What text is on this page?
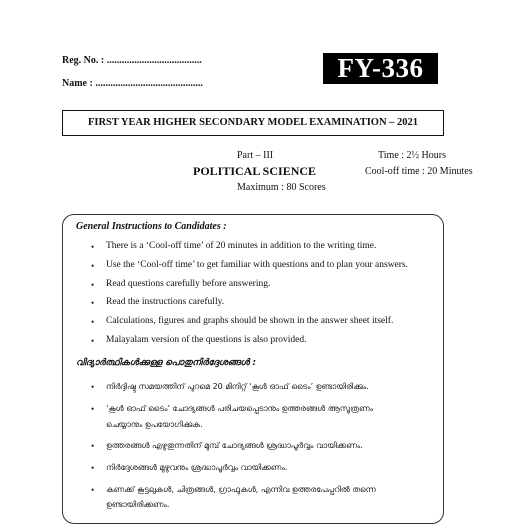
Reg. No. : ......................................
Name : ...........................................
FY-336
FIRST YEAR HIGHER SECONDARY MODEL EXAMINATION – 2021
Part – III	Time : 2½ Hours
POLITICAL SCIENCE	Cool-off time : 20 Minutes
Maximum : 80 Scores
General Instructions to Candidates :
• There is a ‘Cool-off time’ of 20 minutes in addition to the writing time.
• Use the ‘Cool-off time’ to get familiar with questions and to plan your answers.
• Read questions carefully before answering.
• Read the instructions carefully.
• Calculations, figures and graphs should be shown in the answer sheet itself.
• Malayalam version of the questions is also provided.
വിദ്യാർത്ഥികൾക്കുള്ള പൊതുനിർദ്ദേശങ്ങൾ :
• നിർദ്ദിഷ്ട സമയത്തിന് പുറമെ 20 മിനിറ്റ് ‘കൂൾ ഓഫ് ടൈം’ ഉണ്ടായിരിക്കും.
• ‘കൂൾ ഓഫ് ടൈം’ ചോദ്യങ്ങൾ പരിചയപ്പെടാനും ഉത്തരങ്ങൾ ആസൂത്രണം
ചെയ്യാനും ഉപയോഗിക്കുക.
• ഉത്തരങ്ങൾ എഴുതുന്നതിന് മുമ്പ് ചോദ്യങ്ങൾ ശ്രദ്ധാപൂർവ്വം വായിക്കണം.
• നിർദ്ദേശങ്ങൾ മുഴുവനും ശ്രദ്ധാപൂർവ്വം വായിക്കണം.
• കണക്ക് കൂട്ടലുകൾ, ചിത്രങ്ങൾ, ഗ്രാഫുകൾ, എന്നിവ ഉത്തരപേപ്പറിൽ തന്നെ
ഉണ്ടായിരിക്കണം.
